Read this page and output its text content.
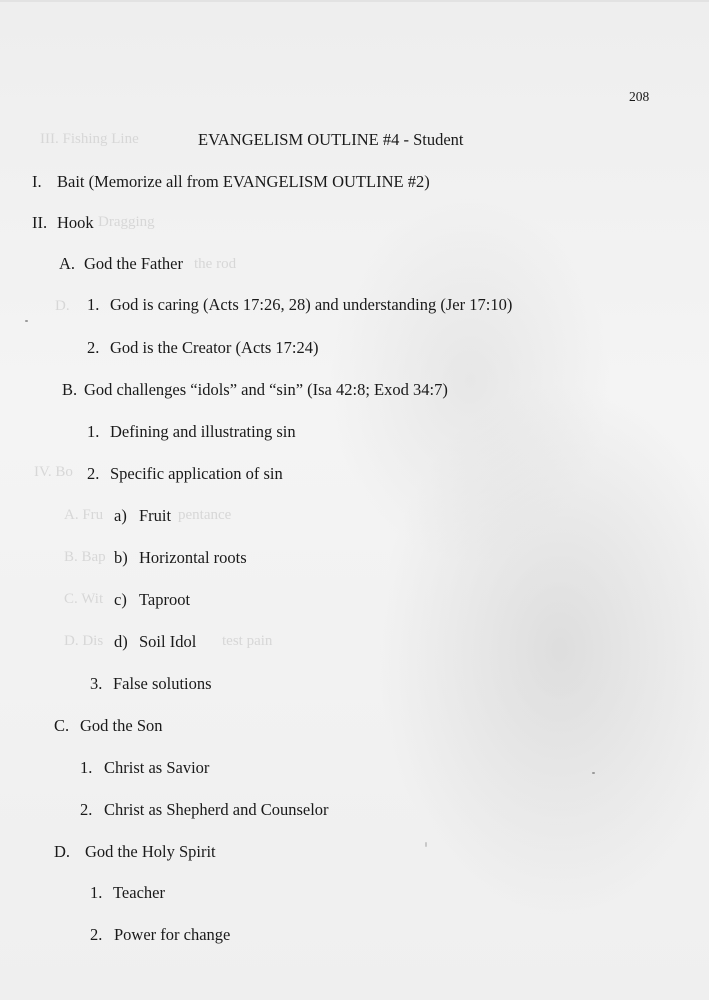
III. Fishing Line
Dragging
the rod
D.
IV. Bo
A. Fru	pentance
B. Bap
C. Wit
D. Dis	test pain
208
EVANGELISM OUTLINE #4 - Student
I. Bait (Memorize all from EVANGELISM OUTLINE #2)
II. Hook
A. God the Father
1. God is caring (Acts 17:26, 28) and understanding (Jer 17:10)
2. God is the Creator (Acts 17:24)
B. God challenges “idols” and “sin” (Isa 42:8; Exod 34:7)
1. Defining and illustrating sin
2. Specific application of sin
a) Fruit
b) Horizontal roots
c) Taproot
d) Soil Idol
3. False solutions
C. God the Son
1. Christ as Savior
2. Christ as Shepherd and Counselor
D. God the Holy Spirit
1. Teacher
2. Power for change
